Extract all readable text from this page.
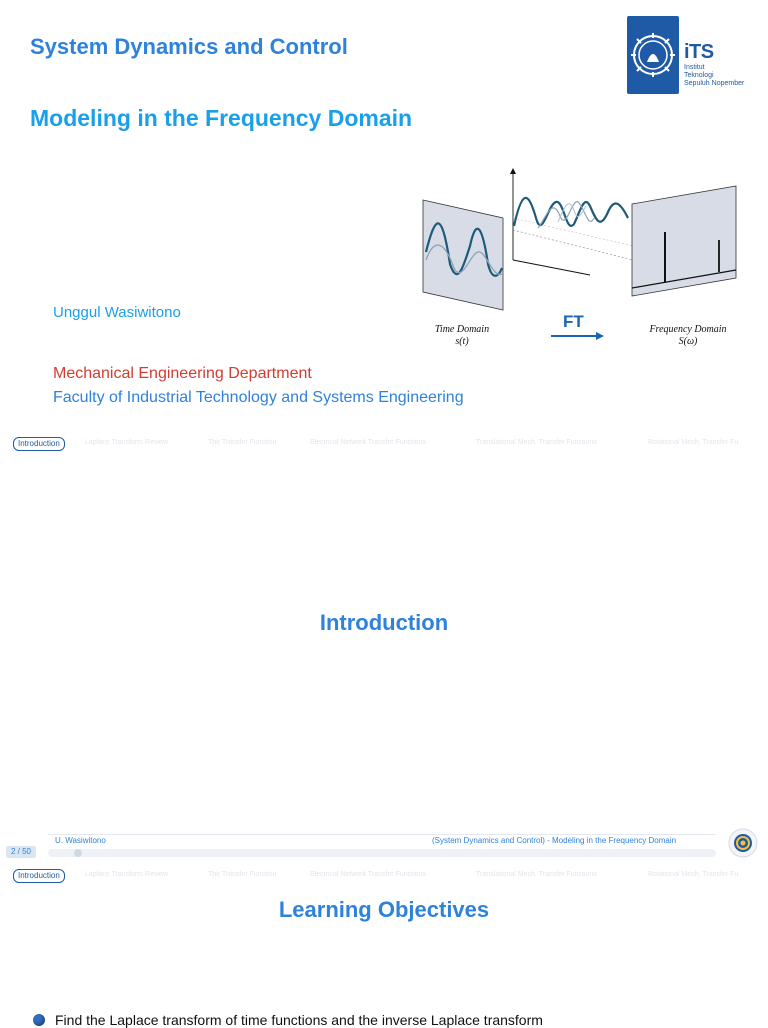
System Dynamics and Control
Modeling in the Frequency Domain
iTS
Institut
Teknologi
Sepuluh Nopember
Time Domain
s(t)
Frequency Domain
S(ω)
FT
Unggul Wasiwitono
Mechanical Engineering Department
Faculty of Industrial Technology and Systems Engineering
Introduction	Laplace Transform Review	The Transfer Function	Electrical Network Transfer Functions	Translational Mech. Transfer Functions	Rotational Mech. Transfer Fu
Introduction
U. Wasiwitono	(System Dynamics and Control) - Modeling in the Frequency Domain
2 / 50
Introduction	Laplace Transform Review	The Transfer Function	Electrical Network Transfer Functions	Translational Mech. Transfer Functions	Rotational Mech. Transfer Fu
Learning Objectives
Find the Laplace transform of time functions and the inverse Laplace transform
